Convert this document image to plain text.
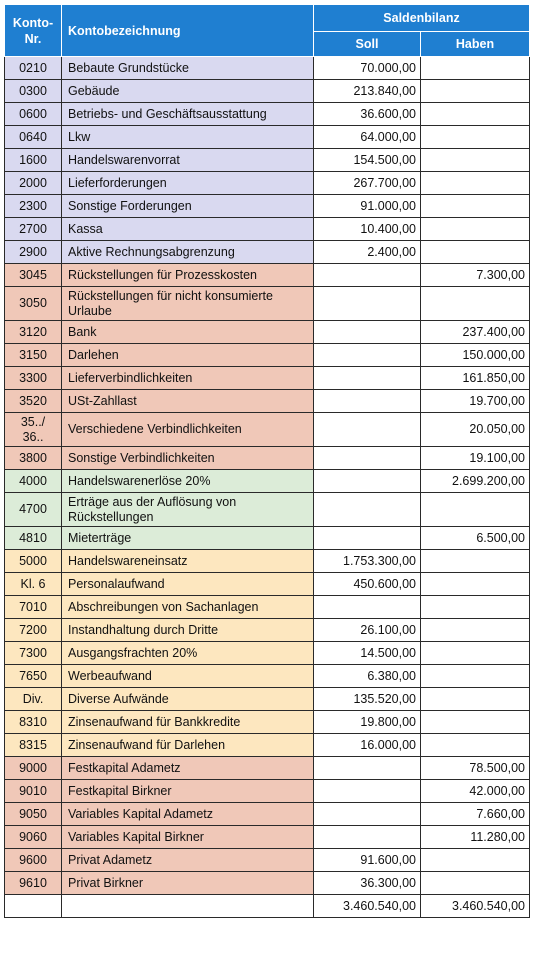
Konto-Nr.	Kontobezeichnung	Saldenbilanz	
		Soll	Haben
0210	Bebaute Grundstücke	70.000,00	
0300	Gebäude	213.840,00	
0600	Betriebs- und Geschäftsausstattung	36.600,00	
0640	Lkw	64.000,00	
1600	Handelswarenvorrat	154.500,00	
2000	Lieferforderungen	267.700,00	
2300	Sonstige Forderungen	91.000,00	
2700	Kassa	10.400,00	
2900	Aktive Rechnungsabgrenzung	2.400,00	
3045	Rückstellungen für Prozesskosten		7.300,00
3050	Rückstellungen für nicht konsumierte Urlaube		
3120	Bank		237.400,00
3150	Darlehen		150.000,00
3300	Lieferverbindlichkeiten		161.850,00
3520	USt-Zahllast		19.700,00
35../ 36..	Verschiedene Verbindlichkeiten		20.050,00
3800	Sonstige Verbindlichkeiten		19.100,00
4000	Handelswarenerlöse 20%		2.699.200,00
4700	Erträge aus der Auflösung von Rückstellungen		
4810	Mieterträge		6.500,00
5000	Handelswareneinsatz	1.753.300,00	
Kl. 6	Personalaufwand	450.600,00	
7010	Abschreibungen von Sachanlagen		
7200	Instandhaltung durch Dritte	26.100,00	
7300	Ausgangsfrachten 20%	14.500,00	
7650	Werbeaufwand	6.380,00	
Div.	Diverse Aufwände	135.520,00	
8310	Zinsenaufwand für Bankkredite	19.800,00	
8315	Zinsenaufwand für Darlehen	16.000,00	
9000	Festkapital Adametz		78.500,00
9010	Festkapital Birkner		42.000,00
9050	Variables Kapital Adametz		7.660,00
9060	Variables Kapital Birkner		11.280,00
9600	Privat Adametz	91.600,00	
9610	Privat Birkner	36.300,00	
		3.460.540,00	3.460.540,00
